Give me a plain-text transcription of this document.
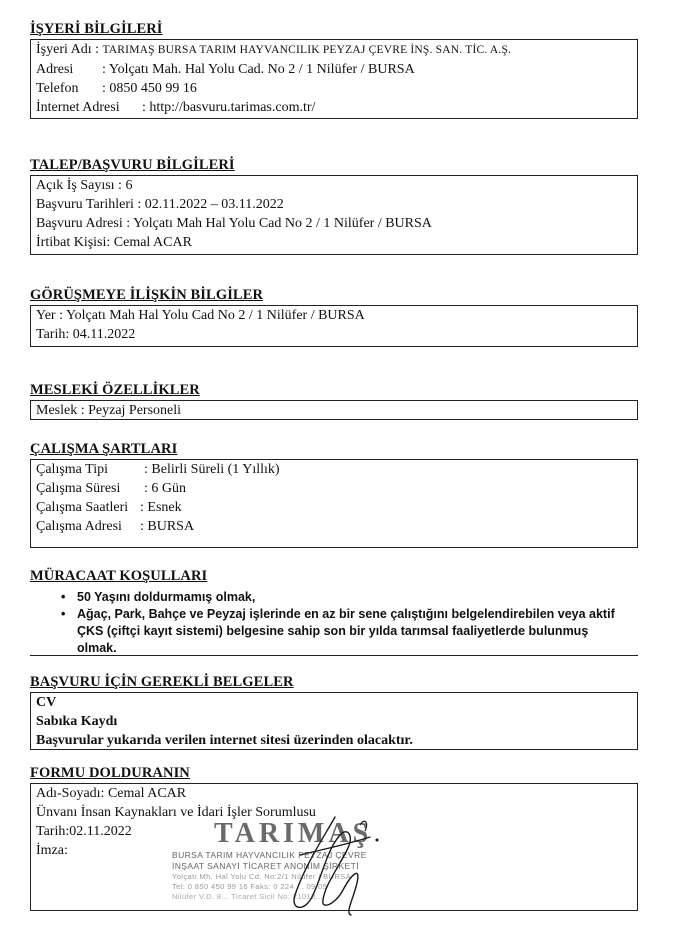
İŞYERİ BİLGİLERİ
İşyeri Adı : TARIMAŞ BURSA TARIM HAYVANCILIK PEYZAJ ÇEVRE İNŞ. SAN. TİC. A.Ş.
Adresi : Yolçatı Mah. Hal Yolu Cad. No 2 / 1 Nilüfer / BURSA
Telefon : 0850 450 99 16
İnternet Adresi : http://basvuru.tarimas.com.tr/
TALEP/BAŞVURU BİLGİLERİ
Açık İş Sayısı : 6
Başvuru Tarihleri : 02.11.2022 – 03.11.2022
Başvuru Adresi : Yolçatı Mah Hal Yolu Cad No 2 / 1 Nilüfer / BURSA
İrtibat Kişisi: Cemal ACAR
GÖRÜŞMEYE İLİŞKİN BİLGİLER
Yer : Yolçatı Mah Hal Yolu Cad No 2 / 1 Nilüfer / BURSA
Tarih: 04.11.2022
MESLEKİ ÖZELLİKLER
Meslek : Peyzaj Personeli
ÇALIŞMA ŞARTLARI
Çalışma Tipi	: Belirli Süreli (1 Yıllık)
Çalışma Süresi : 6 Gün
Çalışma Saatleri : Esnek
Çalışma Adresi : BURSA
MÜRACAAT KOŞULLARI
• 50 Yaşını doldurmamış olmak,
• Ağaç, Park, Bahçe ve Peyzaj işlerinde en az bir sene çalıştığını belgelendirebilen veya aktif ÇKS (çiftçi kayıt sistemi) belgesine sahip son bir yılda tarımsal faaliyetlerde bulunmuş olmak.
BAŞVURU İÇİN GEREKLİ BELGELER
CV
Sabıka Kaydı
Başvurular yukarıda verilen internet sitesi üzerinden olacaktır.
FORMU DOLDURANIN
Adı-Soyadı: Cemal ACAR
Ünvanı İnsan Kaynakları ve İdari İşler Sorumlusu
Tarih:02.11.2022
İmza:
TARIMAŞ
BURSA TARIM HAYVANCILIK PEYZAJ ÇEVRE
İNŞAAT SANAYİ TİCARET ANONİM ŞİRKETİ
Yolçatı Mh. Hal Yolu Cd. No:2/1 Nilüfer / BURSA
Tel: 0 850 450 99 16 Faks: 0 224 ... 09 05
Nilüfer V.D. 8... Ticaret Sicil No: 21018...
